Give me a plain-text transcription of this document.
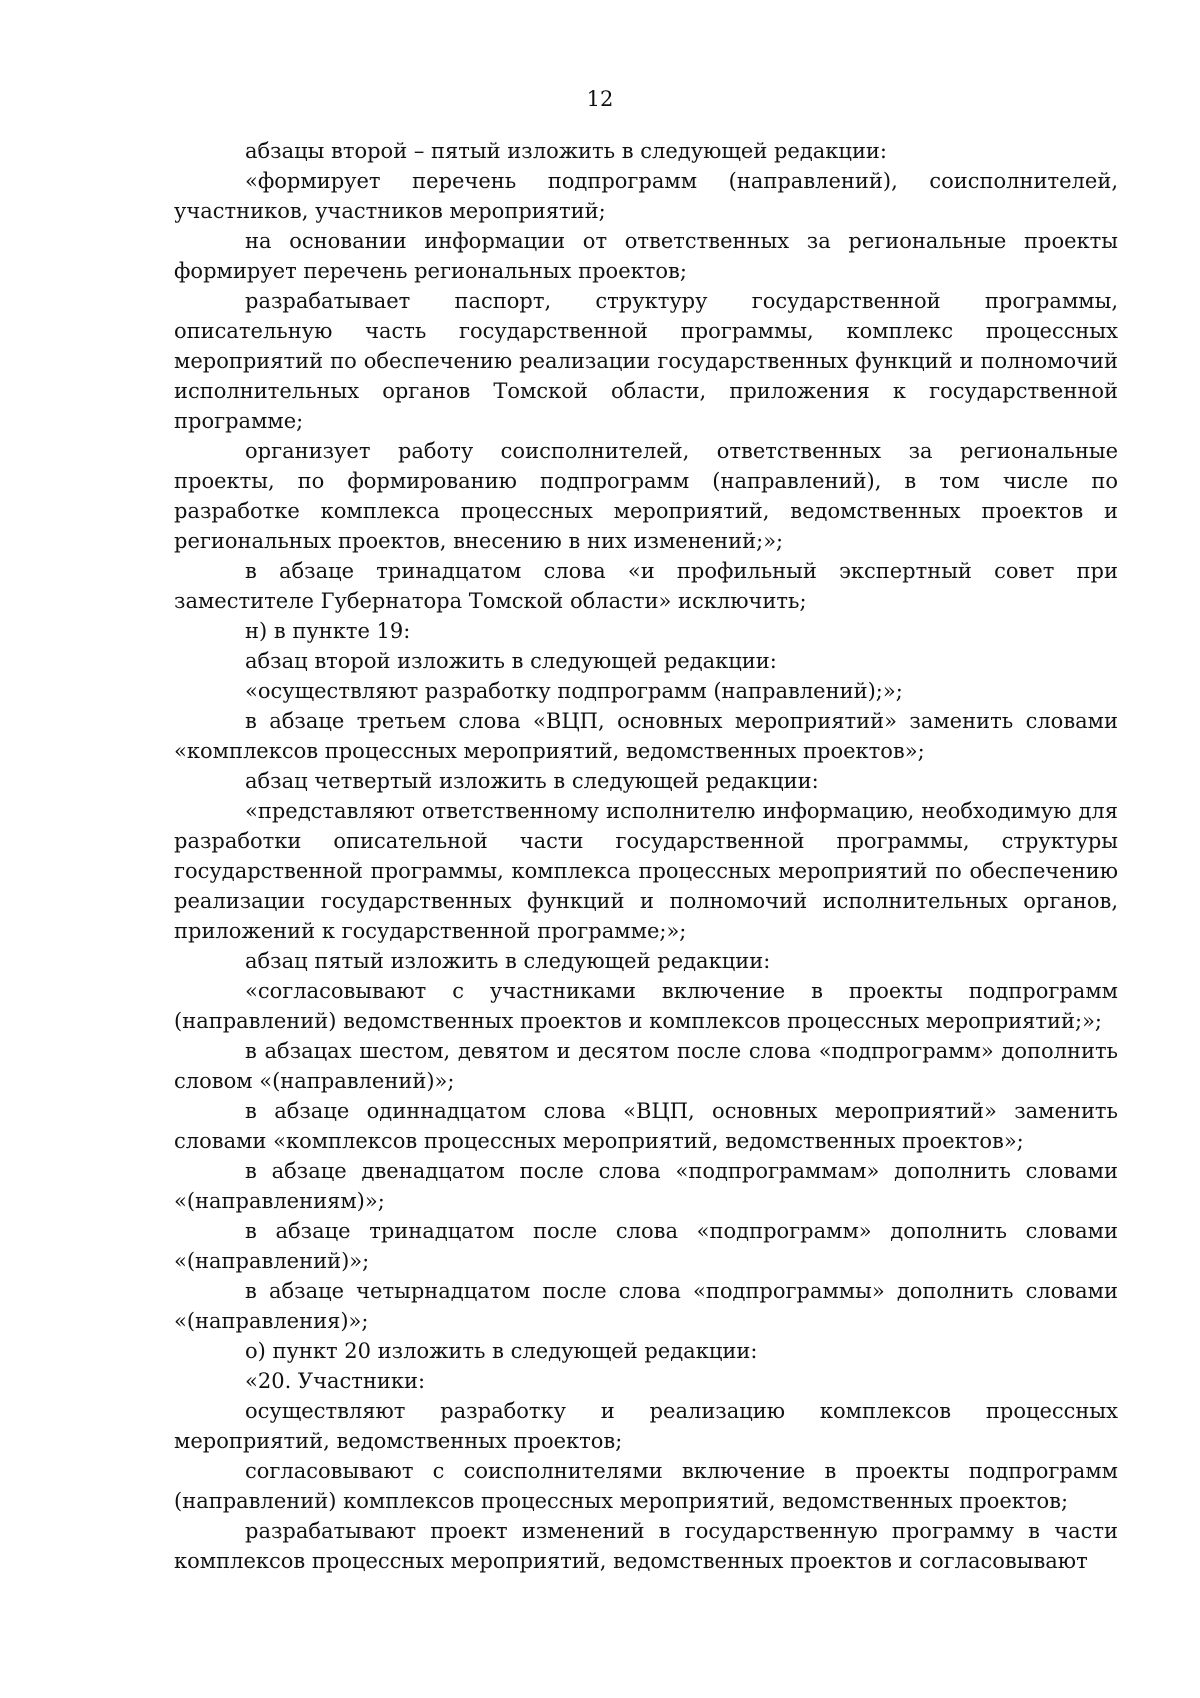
12

абзацы второй – пятый изложить в следующей редакции:

«формирует перечень подпрограмм (направлений), соисполнителей, участников, участников мероприятий;

на основании информации от ответственных за региональные проекты формирует перечень региональных проектов;

разрабатывает паспорт, структуру государственной программы, описательную часть государственной программы, комплекс процессных мероприятий по обеспечению реализации государственных функций и полномочий исполнительных органов Томской области, приложения к государственной программе;

организует работу соисполнителей, ответственных за региональные проекты, по формированию подпрограмм (направлений), в том числе по разработке комплекса процессных мероприятий, ведомственных проектов и региональных проектов, внесению в них изменений;»;

в абзаце тринадцатом слова «и профильный экспертный совет при заместителе Губернатора Томской области» исключить;

н) в пункте 19:

абзац второй изложить в следующей редакции:

«осуществляют разработку подпрограмм (направлений);»;

в абзаце третьем слова «ВЦП, основных мероприятий» заменить словами «комплексов процессных мероприятий, ведомственных проектов»;

абзац четвертый изложить в следующей редакции:

«представляют ответственному исполнителю информацию, необходимую для разработки описательной части государственной программы, структуры государственной программы, комплекса процессных мероприятий по обеспечению реализации государственных функций и полномочий исполнительных органов, приложений к государственной программе;»;

абзац пятый изложить в следующей редакции:

«согласовывают с участниками включение в проекты подпрограмм (направлений) ведомственных проектов и комплексов процессных мероприятий;»;

в абзацах шестом, девятом и десятом после слова «подпрограмм» дополнить словом «(направлений)»;

в абзаце одиннадцатом слова «ВЦП, основных мероприятий» заменить словами «комплексов процессных мероприятий, ведомственных проектов»;

в абзаце двенадцатом после слова «подпрограммам» дополнить словами «(направлениям)»;

в абзаце тринадцатом после слова «подпрограмм» дополнить словами «(направлений)»;

в абзаце четырнадцатом после слова «подпрограммы» дополнить словами «(направления)»;

о) пункт 20 изложить в следующей редакции:

«20. Участники:

осуществляют разработку и реализацию комплексов процессных мероприятий, ведомственных проектов;

согласовывают с соисполнителями включение в проекты подпрограмм (направлений) комплексов процессных мероприятий, ведомственных проектов;

разрабатывают проект изменений в государственную программу в части комплексов процессных мероприятий, ведомственных проектов и согласовывают
